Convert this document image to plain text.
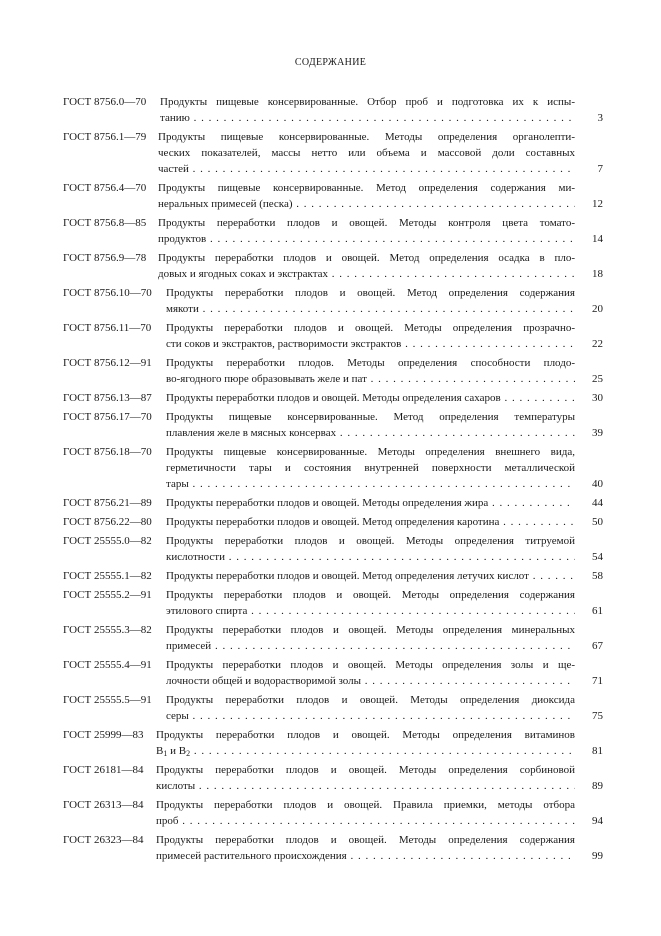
СОДЕРЖАНИЕ
ГОСТ 8756.0—70 Продукты пищевые консервированные. Отбор проб и подготовка их к испы-
танию . . .	3
ГОСТ 8756.1—79 Продукты пищевые консервированные. Методы определения органолепти-
ческих показателей, массы нетто или объема и массовой доли составных
частей . . .	7
ГОСТ 8756.4—70 Продукты пищевые консервированные. Метод определения содержания ми-
неральных примесей (песка) . . .	12
ГОСТ 8756.8—85 Продукты переработки плодов и овощей. Методы контроля цвета томато-
продуктов . . .	14
ГОСТ 8756.9—78 Продукты переработки плодов и овощей. Метод определения осадка в пло-
довых и ягодных соках и экстрактах . . .	18
ГОСТ 8756.10—70 Продукты переработки плодов и овощей. Метод определения содержания
мякоти . . .	20
ГОСТ 8756.11—70 Продукты переработки плодов и овощей. Методы определения прозрачно-
сти соков и экстрактов, растворимости экстрактов . . .	22
ГОСТ 8756.12—91 Продукты переработки плодов. Методы определения способности плодо-
во-ягодного пюре образовывать желе и пат . . .	25
ГОСТ 8756.13—87 Продукты переработки плодов и овощей. Методы определения сахаров . . .	30
ГОСТ 8756.17—70 Продукты пищевые консервированные. Метод определения температуры
плавления желе в мясных консервах . . .	39
ГОСТ 8756.18—70 Продукты пищевые консервированные. Методы определения внешнего вида,
герметичности тары и состояния внутренней поверхности металлической
тары . . .	40
ГОСТ 8756.21—89 Продукты переработки плодов и овощей. Методы определения жира . . .	44
ГОСТ 8756.22—80 Продукты переработки плодов и овощей. Метод определения каротина . . .	50
ГОСТ 25555.0—82 Продукты переработки плодов и овощей. Методы определения титруемой
кислотности . . .	54
ГОСТ 25555.1—82 Продукты переработки плодов и овощей. Метод определения летучих кислот . . .	58
ГОСТ 25555.2—91 Продукты переработки плодов и овощей. Методы определения содержания
этилового спирта . . .	61
ГОСТ 25555.3—82 Продукты переработки плодов и овощей. Методы определения минеральных
примесей . . .	67
ГОСТ 25555.4—91 Продукты переработки плодов и овощей. Методы определения золы и ще-
лочности общей и водорастворимой золы . . .	71
ГОСТ 25555.5—91 Продукты переработки плодов и овощей. Методы определения диоксида
серы . . .	75
ГОСТ 25999—83 Продукты переработки плодов и овощей. Методы определения витаминов
$В_1$ и $В_2$ . . .	81
ГОСТ 26181—84 Продукты переработки плодов и овощей. Методы определения сорбиновой
кислоты . . .	89
ГОСТ 26313—84 Продукты переработки плодов и овощей. Правила приемки, методы отбора
проб . . .	94
ГОСТ 26323—84 Продукты переработки плодов и овощей. Методы определения содержания
примесей растительного происхождения . . .	99
